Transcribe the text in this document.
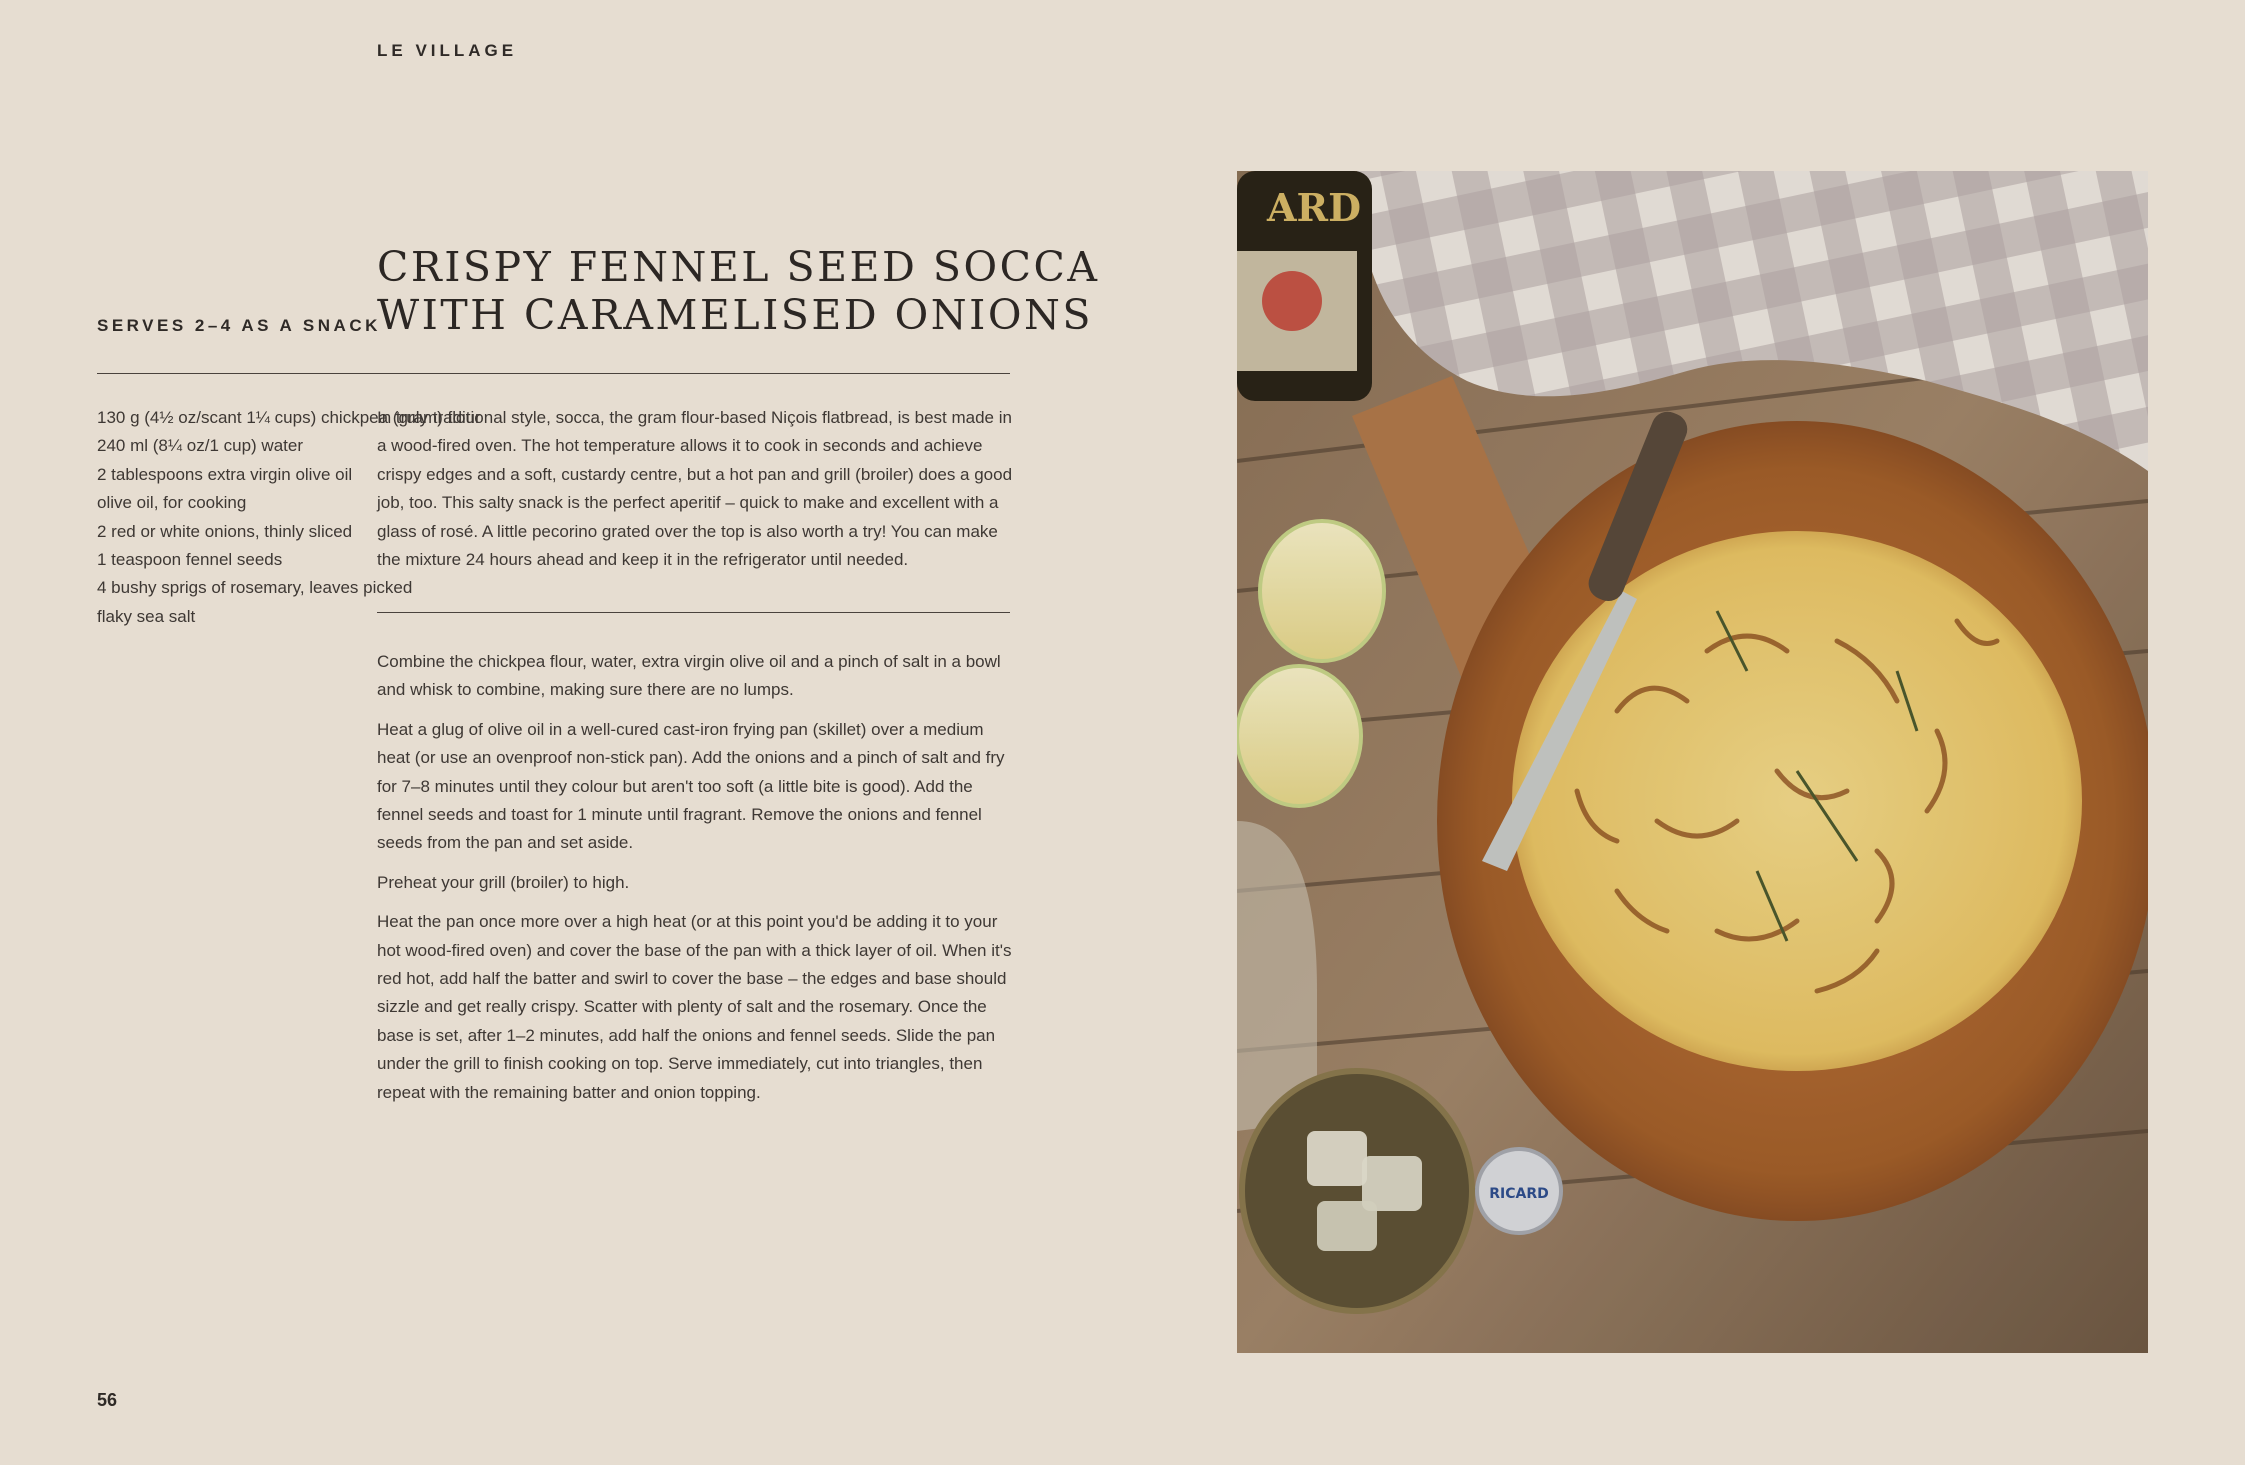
LE VILLAGE
SERVES 2–4 AS A SNACK
CRISPY FENNEL SEED SOCCA
WITH CARAMELISED ONIONS
130 g (4½ oz/scant 1¼ cups) chickpea (gram) flour
240 ml (8¼ oz/1 cup) water
2 tablespoons extra virgin olive oil
olive oil, for cooking
2 red or white onions, thinly sliced
1 teaspoon fennel seeds
4 bushy sprigs of rosemary, leaves picked
flaky sea salt

In truly traditional style, socca, the gram flour-based Niçois flatbread, is best made in a wood-fired oven. The hot temperature allows it to cook in seconds and achieve crispy edges and a soft, custardy centre, but a hot pan and grill (broiler) does a good job, too. This salty snack is the perfect aperitif – quick to make and excellent with a glass of rosé. A little pecorino grated over the top is also worth a try! You can make the mixture 24 hours ahead and keep it in the refrigerator until needed.

Combine the chickpea flour, water, extra virgin olive oil and a pinch of salt in a bowl and whisk to combine, making sure there are no lumps.

Heat a glug of olive oil in a well-cured cast-iron frying pan (skillet) over a medium heat (or use an ovenproof non-stick pan). Add the onions and a pinch of salt and fry for 7–8 minutes until they colour but aren't too soft (a little bite is good). Add the fennel seeds and toast for 1 minute until fragrant. Remove the onions and fennel seeds from the pan and set aside.

Preheat your grill (broiler) to high.

Heat the pan once more over a high heat (or at this point you'd be adding it to your hot wood-fired oven) and cover the base of the pan with a thick layer of oil. When it's red hot, add half the batter and swirl to cover the base – the edges and base should sizzle and get really crispy. Scatter with plenty of salt and the rosemary. Once the base is set, after 1–2 minutes, add half the onions and fennel seeds. Slide the pan under the grill to finish cooking on top. Serve immediately, cut into triangles, then repeat with the remaining batter and onion topping.

56
ARD
RICARD
